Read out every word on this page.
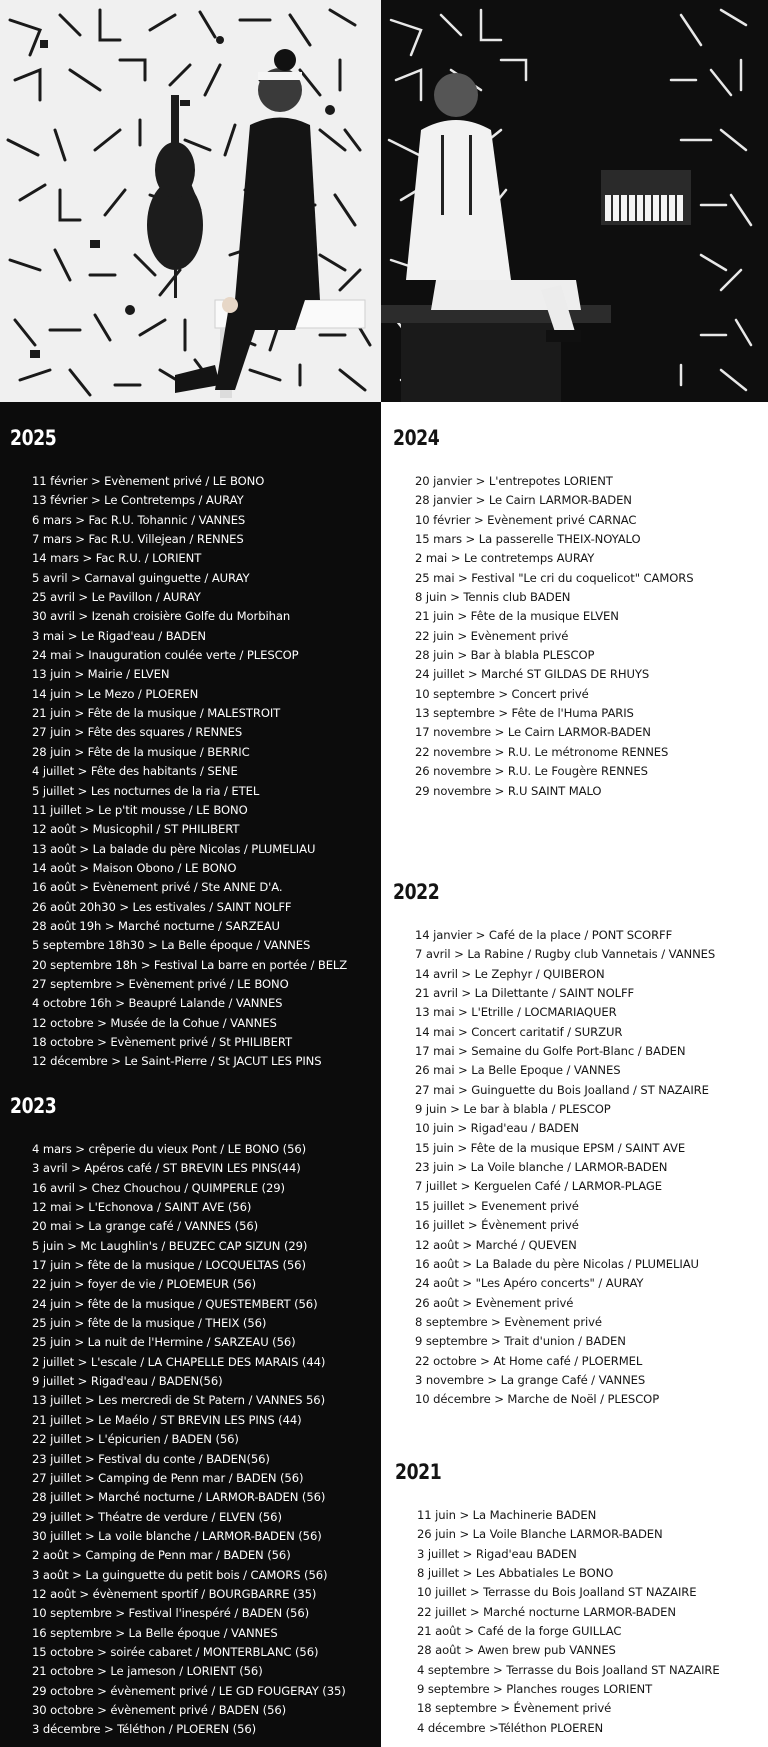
2025
11 février > Evènement privé / LE BONO
13 février > Le Contretemps / AURAY
6 mars > Fac R.U. Tohannic / VANNES
7 mars > Fac R.U. Villejean / RENNES
14 mars > Fac R.U. / LORIENT
5 avril > Carnaval guinguette / AURAY
25 avril > Le Pavillon / AURAY
30 avril > Izenah croisière Golfe du Morbihan
3 mai > Le Rigad'eau / BADEN
24 mai > Inauguration coulée verte / PLESCOP
13 juin > Mairie / ELVEN
14 juin > Le Mezo / PLOEREN
21 juin > Fête de la musique / MALESTROIT
27 juin > Fête des squares / RENNES
28 juin > Fête de la musique / BERRIC
4 juillet > Fête des habitants / SENE
5 juillet > Les nocturnes de la ria / ETEL
11 juillet > Le p'tit mousse / LE BONO
12 août > Musicophil / ST PHILIBERT
13 août > La balade du père Nicolas / PLUMELIAU
14 août > Maison Obono / LE BONO
16 août > Evènement privé / Ste ANNE D'A.
26 août 20h30 > Les estivales / SAINT NOLFF
28 août 19h > Marché nocturne / SARZEAU
5 septembre 18h30 > La Belle époque / VANNES
20 septembre 18h > Festival La barre en portée / BELZ
27 septembre > Evènement privé / LE BONO
4 octobre 16h > Beaupré Lalande / VANNES
12 octobre > Musée de la Cohue / VANNES
18 octobre > Evènement privé / St PHILIBERT
12 décembre > Le Saint-Pierre / St JACUT LES PINS
2023
4 mars > crêperie du vieux Pont / LE BONO (56)
3 avril > Apéros café / ST BREVIN LES PINS(44)
16 avril > Chez Chouchou / QUIMPERLE (29)
12 mai > L'Echonova / SAINT AVE (56)
20 mai > La grange café / VANNES (56)
5 juin > Mc Laughlin's / BEUZEC CAP SIZUN (29)
17 juin > fête de la musique / LOCQUELTAS (56)
22 juin > foyer de vie / PLOEMEUR (56)
24 juin > fête de la musique / QUESTEMBERT (56)
25 juin > fête de la musique / THEIX (56)
25 juin > La nuit de l'Hermine / SARZEAU (56)
2 juillet > L'escale / LA CHAPELLE DES MARAIS (44)
9 juillet > Rigad'eau / BADEN(56)
13 juillet > Les mercredi de St Patern / VANNES 56)
21 juillet > Le Maélo / ST BREVIN LES PINS (44)
22 juillet > L'épicurien / BADEN (56)
23 juillet > Festival du conte / BADEN(56)
27 juillet > Camping de Penn mar / BADEN (56)
28 juillet > Marché nocturne / LARMOR-BADEN (56)
29 juillet > Théatre de verdure / ELVEN (56)
30 juillet > La voile blanche / LARMOR-BADEN (56)
2 août > Camping de Penn mar / BADEN (56)
3 août > La guinguette du petit bois / CAMORS (56)
12 août > évènement sportif / BOURGBARRE (35)
10 septembre > Festival l'inespéré / BADEN (56)
16 septembre > La Belle époque / VANNES
15 octobre > soirée cabaret / MONTERBLANC (56)
21 octobre > Le jameson / LORIENT (56)
29 octobre > évènement privé / LE GD FOUGERAY (35)
30 octobre > évènement privé / BADEN (56)
3 décembre > Téléthon / PLOEREN (56)
2024
20 janvier > L'entrepotes LORIENT
28 janvier > Le Cairn LARMOR-BADEN
10 février > Evènement privé CARNAC
15 mars > La passerelle THEIX-NOYALO
2 mai > Le contretemps AURAY
25 mai > Festival "Le cri du coquelicot" CAMORS
8 juin > Tennis club BADEN
21 juin > Fête de la musique ELVEN
22 juin > Evènement privé
28 juin > Bar à blabla PLESCOP
24 juillet > Marché ST GILDAS DE RHUYS
10 septembre > Concert privé
13 septembre > Fête de l'Huma PARIS
17 novembre > Le Cairn LARMOR-BADEN
22 novembre > R.U. Le métronome RENNES
26 novembre > R.U. Le Fougère RENNES
29 novembre > R.U SAINT MALO
2022
14 janvier > Café de la place / PONT SCORFF
7 avril > La Rabine / Rugby club Vannetais / VANNES
14 avril > Le Zephyr / QUIBERON
21 avril > La Dilettante / SAINT NOLFF
13 mai > L'Etrille / LOCMARIAQUER
14 mai > Concert caritatif / SURZUR
17 mai > Semaine du Golfe Port-Blanc / BADEN
26 mai > La Belle Epoque / VANNES
27 mai > Guinguette du Bois Joalland / ST NAZAIRE
9 juin > Le bar à blabla / PLESCOP
10 juin > Rigad'eau / BADEN
15 juin > Fête de la musique EPSM / SAINT AVE
23 juin > La Voile blanche / LARMOR-BADEN
7 juillet > Kerguelen Café / LARMOR-PLAGE
15 juillet > Evenement privé
16 juillet > Évènement privé
12 août > Marché / QUEVEN
16 août > La Balade du père Nicolas / PLUMELIAU
24 août > "Les Apéro concerts" / AURAY
26 août > Evènement privé
8 septembre > Evènement privé
9 septembre > Trait d'union / BADEN
22 octobre > At Home café / PLOERMEL
3 novembre > La grange Café / VANNES
10 décembre > Marche de Noël / PLESCOP
2021
11 juin > La Machinerie BADEN
26 juin > La Voile Blanche LARMOR-BADEN
3 juillet > Rigad'eau BADEN
8 juillet > Les Abbatiales Le BONO
10 juillet > Terrasse du Bois Joalland ST NAZAIRE
22 juillet > Marché nocturne LARMOR-BADEN
21 août > Café de la forge GUILLAC
28 août > Awen brew pub VANNES
4 septembre > Terrasse du Bois Joalland ST NAZAIRE
9 septembre > Planches rouges LORIENT
18 septembre > Évènement privé
4 décembre >Téléthon PLOEREN
